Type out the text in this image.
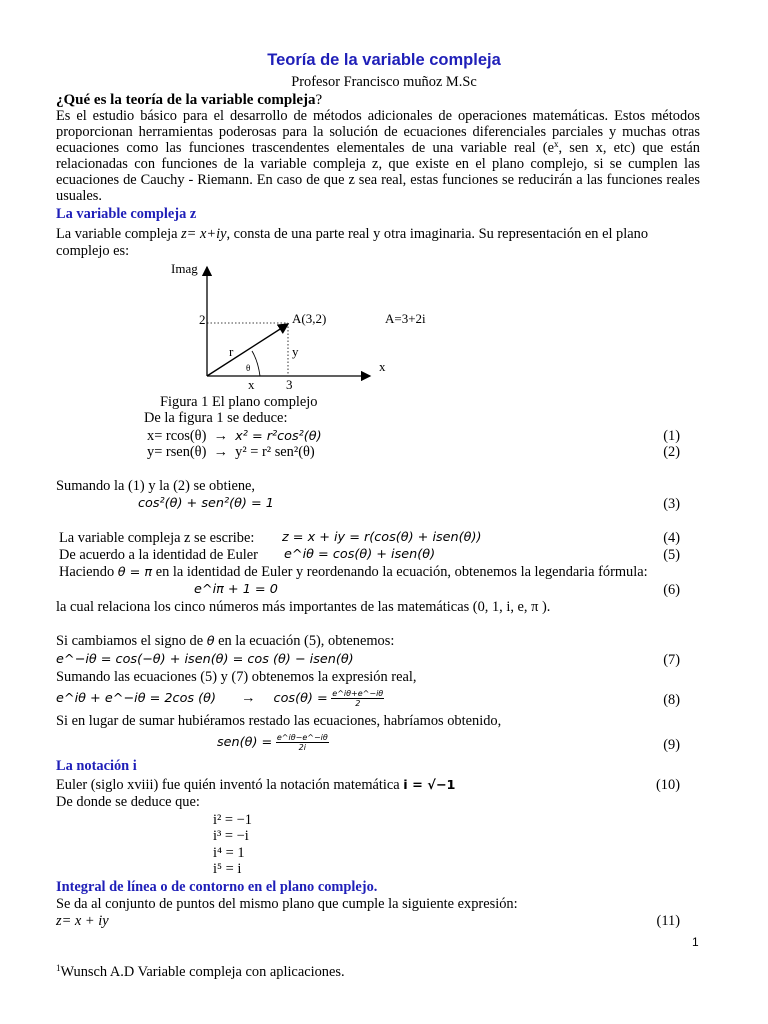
Teoría de la variable compleja
Profesor Francisco muñoz M.Sc
¿Qué es la teoría de la variable compleja?
Es el estudio básico para el desarrollo de métodos adicionales de operaciones matemáticas. Estos métodos proporcionan herramientas poderosas para la solución de ecuaciones diferenciales parciales y muchas otras ecuaciones como las funciones trascendentes elementales de una variable real ($e^x$, sen x, etc) que están relacionadas con funciones de la variable compleja z, que existe en el plano complejo, si se cumplen las ecuaciones de Cauchy - Riemann. En caso de que z sea real, estas funciones se reducirán a las funciones reales usuales.
La variable compleja z
La variable compleja z= x+iy, consta de una parte real y otra imaginaria. Su representación en el plano
complejo es:
Imag
2	A(3,2)	A=3+2i
r	y
θ	x
x 3
Figura 1 El plano complejo
De la figura 1 se deduce:
x= rcos(θ) → x² = r²cos²(θ)	(1)
y= rsen(θ) → y² = r² sen²(θ)	(2)
Sumando la (1) y la (2) se obtiene,
cos²(θ) + sen²(θ) = 1	(3)
La variable compleja z se escribe: z = x + iy = r(cos(θ) + isen(θ))	(4)
De acuerdo a la identidad de Euler e^iθ = cos(θ) + isen(θ)	(5)
Haciendo θ = π en la identidad de Euler y reordenando la ecuación, obtenemos la legendaria fórmula:
e^iπ + 1 = 0	(6)
la cual relaciona los cinco números más importantes de las matemáticas (0, 1, i, e, π ).
Si cambiamos el signo de θ en la ecuación (5), obtenemos:
e^−iθ = cos(−θ) + isen(θ) = cos (θ) − isen(θ)	(7)
Sumando las ecuaciones (5) y (7) obtenemos la expresión real,
e^iθ + e^−iθ = 2cos $(\theta) \to \cos(\theta) = \frac{e\^{}i\theta+e\^{}-i\theta}{2}$	(8)
Si en lugar de sumar hubiéramos restado las ecuaciones, habríamos obtenido,
$sen(\theta) = \frac{e\^{}i\theta-e\^{}-i\theta}{2i}$	(9)
La notación i
Euler (siglo xviii) fue quién inventó la notación matemática i = √−1	(10)
De donde se deduce que:
i² = −1
i³ = −i
i⁴ = 1
i⁵ = i
Integral de línea o de contorno en el plano complejo.
Se da al conjunto de puntos del mismo plano que cumple la siguiente expresión:
z= x + iy	(11)
1
$^1$Wunsch A.D Variable compleja con aplicaciones.
